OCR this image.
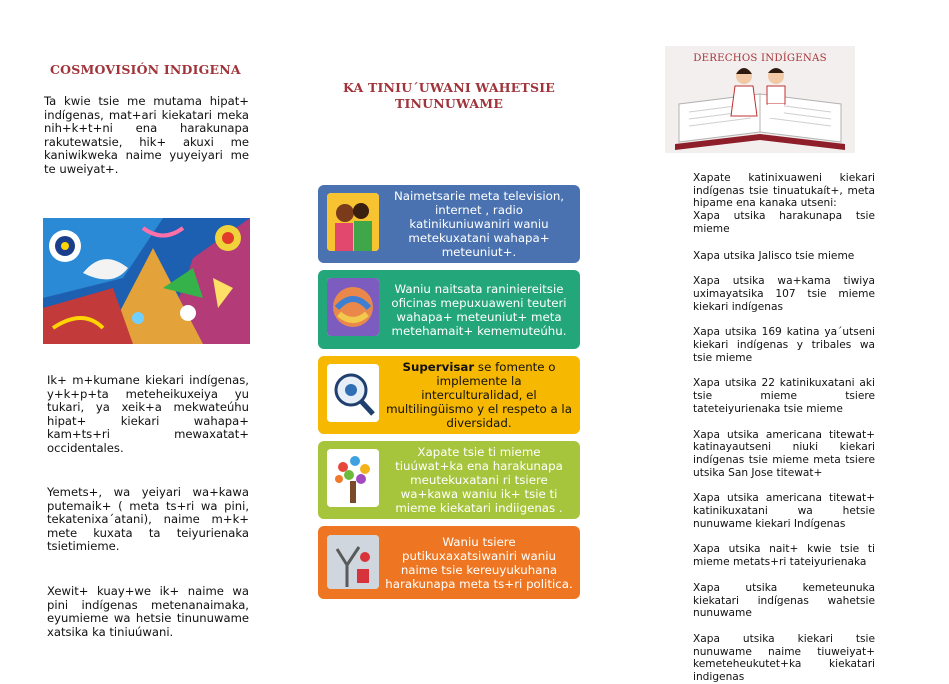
COSMOVISIÓN INDIGENA

Ta kwie tsie me mutama hipat+ indígenas, mat+ari kiekatari meka nih+k+t+ni ena harakunapa rakutewatsie, hik+ akuxi me kaniwikweka naime yuyeiyari me te uweiyat+.

Ik+ m+kumane kiekari indígenas, y+k+p+ta meteheikuxeiya yu tukari, ya xeik+a mekwateúhu hipat+ kiekari wahapa+ kam+ts+ri mewaxatat+ occidentales.

Yemets+, wa yeiyari wa+kawa putemaik+ ( meta ts+ri wa pini, tekatenixa´atani), naime m+k+ mete kuxata ta teiyurienaka tsietimieme.

Xewit+ kuay+we ik+ naime wa pini indígenas metenanaimaka, eyumieme wa hetsie tinunuwame xatsika ka tiniuúwani.

KA TINIU´UWANI WAHETSIE TINUNUWAME
Naimetsarie meta television, internet , radio katinikuniuwaniri waniu metekuxatani wahapa+ meteuniut+.
Waniu naitsata raniniereitsie oficinas mepuxuaweni teuteri wahapa+ meteuniut+ meta metehamait+ kememuteúhu.
Supervisar se fomente o implemente la interculturalidad, el multilingüismo y el respeto a la diversidad.
Xapate tsie ti mieme tiuúwat+ka ena harakunapa meutekuxatani ri tsiere wa+kawa waniu ik+ tsie ti mieme kiekatari indiigenas .
Waniu tsiere putikuxaxatsiwaniri waniu naime tsie kereuyukuhana harakunapa meta ts+ri politica.
DERECHOS INDÍGENAS

Xapate katinixuaweni kiekari indígenas tsie tinuatukaít+, meta hipame ena kanaka utseni:
Xapa utsika harakunapa tsie mieme

Xapa utsika Jalisco tsie mieme

Xapa utsika wa+kama tiwiya uximayatsika 107 tsie mieme kiekari indígenas

Xapa utsika 169 katina ya´utseni kiekari indígenas y tribales wa tsie mieme

Xapa utsika 22 katinikuxatani aki tsie mieme tsiere tateteiyurienaka tsie mieme

Xapa utsika americana titewat+ katinayautseni niuki kiekari indígenas tsie mieme meta tsiere utsika San Jose titewat+

Xapa utsika americana titewat+ katinikuxatani wa hetsie nunuwame kiekari Indígenas

Xapa utsika nait+ kwie tsie ti mieme metats+ri tateiyurienaka

Xapa utsika kemeteunuka kiekatari indígenas wahetsie nunuwame

Xapa utsika kiekari tsie nunuwame naime tiuweiyat+ kemeteheukutet+ka kiekatari indigenas
